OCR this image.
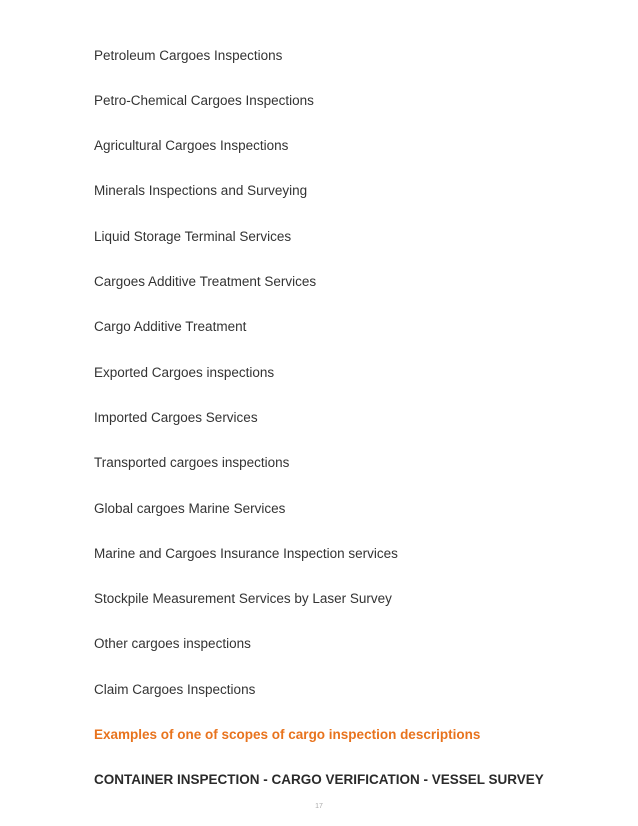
Petroleum Cargoes Inspections
Petro-Chemical Cargoes Inspections
Agricultural Cargoes Inspections
Minerals Inspections and Surveying
Liquid Storage Terminal Services
Cargoes Additive Treatment Services
Cargo Additive Treatment
Exported Cargoes inspections
Imported Cargoes Services
Transported cargoes inspections
Global cargoes Marine Services
Marine and Cargoes Insurance Inspection services
Stockpile Measurement Services by Laser Survey
Other cargoes inspections
Claim Cargoes Inspections
Examples of one of scopes of cargo inspection descriptions
CONTAINER INSPECTION - CARGO VERIFICATION - VESSEL SURVEY
17
